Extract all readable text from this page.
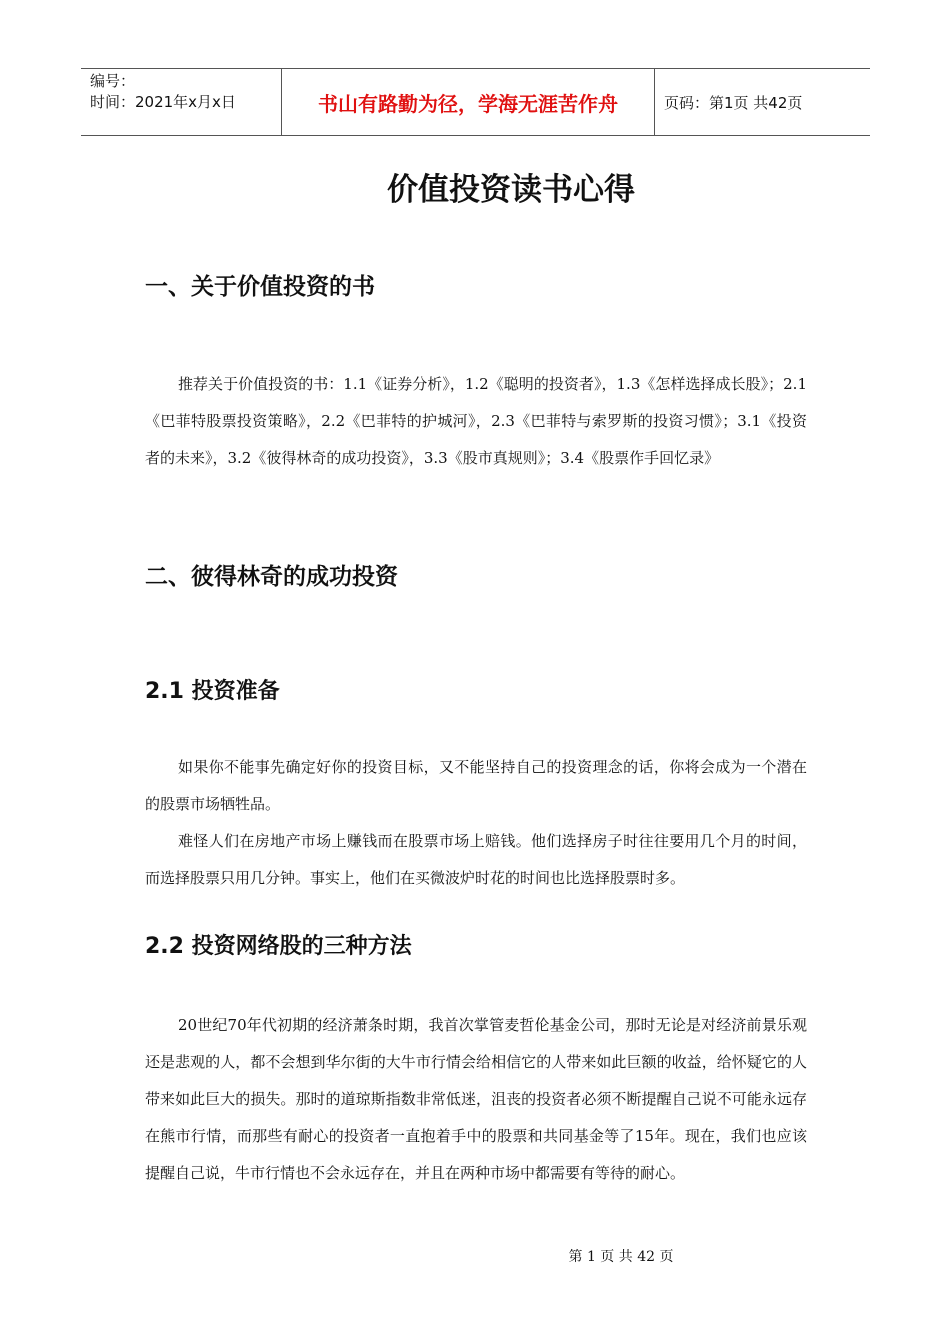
编号：
时间：2021年x月x日	书山有路勤为径，学海无涯苦作舟	页码：第1页 共42页
价值投资读书心得
一、关于价值投资的书

推荐关于价值投资的书：1.1《证券分析》，1.2《聪明的投资者》，1.3《怎样选择成长股》；2.1《巴菲特股票投资策略》，2.2《巴菲特的护城河》，2.3《巴菲特与索罗斯的投资习惯》；3.1《投资者的未来》，3.2《彼得林奇的成功投资》，3.3《股市真规则》；3.4《股票作手回忆录》

二、彼得林奇的成功投资
2.1 投资准备

如果你不能事先确定好你的投资目标，又不能坚持自己的投资理念的话，你将会成为一个潜在的股票市场牺牲品。

难怪人们在房地产市场上赚钱而在股票市场上赔钱。他们选择房子时往往要用几个月的时间，而选择股票只用几分钟。事实上，他们在买微波炉时花的时间也比选择股票时多。

2.2 投资网络股的三种方法

20世纪70年代初期的经济萧条时期，我首次掌管麦哲伦基金公司，那时无论是对经济前景乐观还是悲观的人，都不会想到华尔街的大牛市行情会给相信它的人带来如此巨额的收益，给怀疑它的人带来如此巨大的损失。那时的道琼斯指数非常低迷，沮丧的投资者必须不断提醒自己说不可能永远存在熊市行情，而那些有耐心的投资者一直抱着手中的股票和共同基金等了15年。现在，我们也应该提醒自己说，牛市行情也不会永远存在，并且在两种市场中都需要有等待的耐心。

第 1 页 共 42 页
